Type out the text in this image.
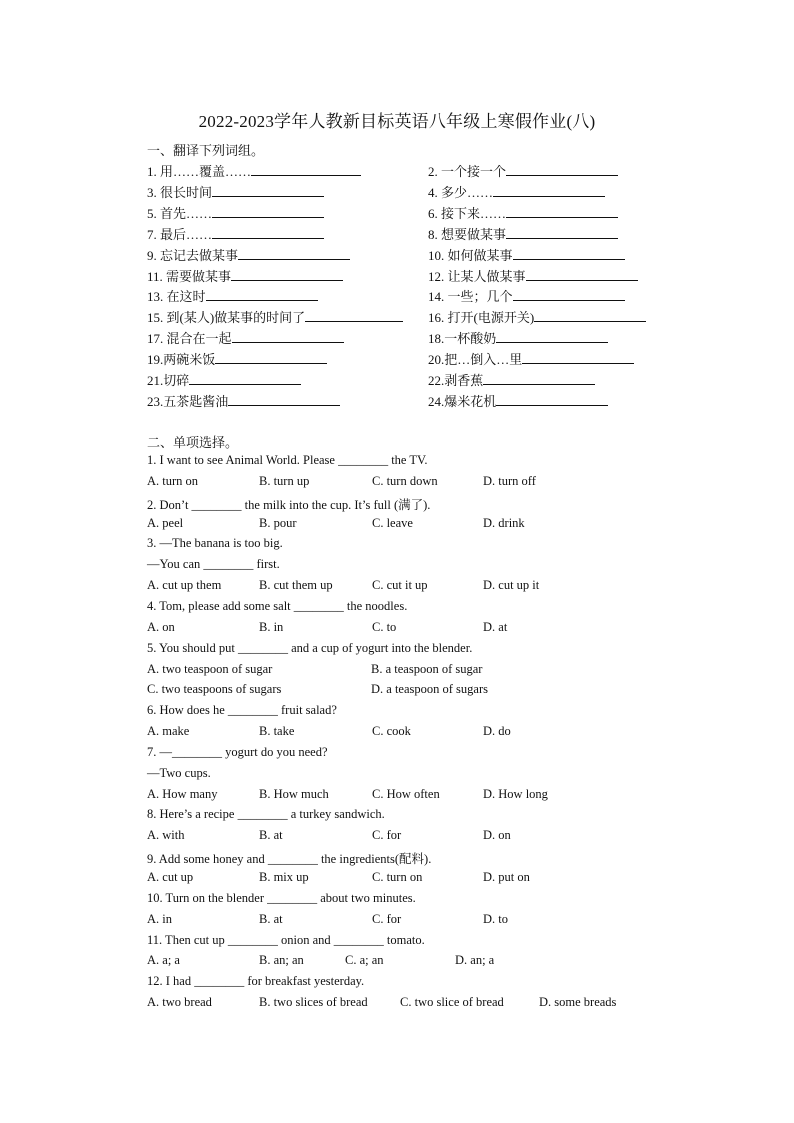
2022-2023学年人教新目标英语八年级上寒假作业(八)
一、翻译下列词组。
1. 用……覆盖……	2. 一个接一个
3. 很长时间	4. 多少……
5. 首先……	6. 接下来……
7. 最后……	8. 想要做某事
9. 忘记去做某事	10. 如何做某事
11. 需要做某事	12. 让某人做某事
13. 在这时	14. 一些；几个
15. 到(某人)做某事的时间了	16. 打开(电源开关)
17. 混合在一起	18.一杯酸奶
19.两碗米饭	20.把…倒入…里
21.切碎	22.剥香蕉
23.五茶匙酱油	24.爆米花机
二、单项选择。
1. I want to see Animal World. Please ________ the TV.
A. turn on	B. turn up	C. turn down	D. turn off
2. Don’t ________ the milk into the cup. It’s full (满了).
A. peel	B. pour	C. leave	D. drink
3. —The banana is too big.
—You can ________ first.
A. cut up them	B. cut them up	C. cut it up	D. cut up it
4. Tom, please add some salt ________ the noodles.
A. on	B. in	C. to	D. at
5. You should put ________ and a cup of yogurt into the blender.
A. two teaspoon of sugar	B. a teaspoon of sugar
C. two teaspoons of sugars	D. a teaspoon of sugars
6. How does he ________ fruit salad?
A. make	B. take	C. cook	D. do
7. —________ yogurt do you need?
—Two cups.
A. How many	B. How much	C. How often	D. How long
8. Here’s a recipe ________ a turkey sandwich.
A. with	B. at	C. for	D. on
9. Add some honey and ________ the ingredients(配料).
A. cut up	B. mix up	C. turn on	D. put on
10. Turn on the blender ________ about two minutes.
A. in	B. at	C. for	D. to
11. Then cut up ________ onion and ________ tomato.
A. a; a	B. an; an	C. a; an	D. an; a
12. I had ________ for breakfast yesterday.
A. two bread	B. two slices of bread	C. two slice of bread	D. some breads
